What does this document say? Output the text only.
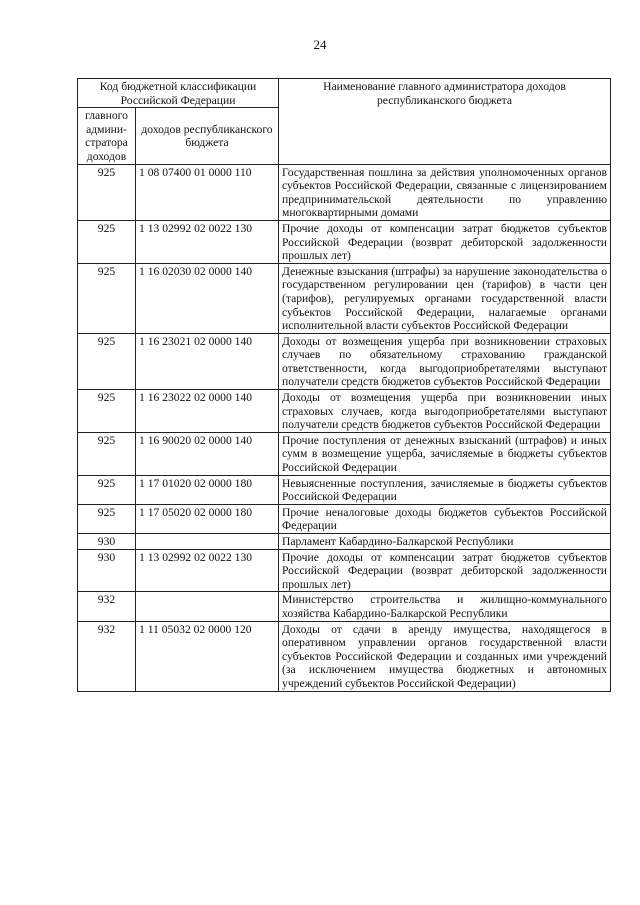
24
Код бюджетной классификации Российской Федерации		Наименование главного администратора доходов республиканского бюджета
главного админи-стратора доходов	доходов республиканского бюджета	
925	1 08 07400 01 0000 110	Государственная пошлина за действия уполномоченных органов субъектов Российской Федерации, связанные с лицензированием предпринимательской деятельности по управлению многоквартирными домами
925	1 13 02992 02 0022 130	Прочие доходы от компенсации затрат бюджетов субъектов Российской Федерации (возврат дебиторской задолженности прошлых лет)
925	1 16 02030 02 0000 140	Денежные взыскания (штрафы) за нарушение законодательства о государственном регулировании цен (тарифов) в части цен (тарифов), регулируемых органами государственной власти субъектов Российской Федерации, налагаемые органами исполнительной власти субъектов Российской Федерации
925	1 16 23021 02 0000 140	Доходы от возмещения ущерба при возникновении страховых случаев по обязательному страхованию гражданской ответственности, когда выгодоприобретателями выступают получатели средств бюджетов субъектов Российской Федерации
925	1 16 23022 02 0000 140	Доходы от возмещения ущерба при возникновении иных страховых случаев, когда выгодоприобретателями выступают получатели средств бюджетов субъектов Российской Федерации
925	1 16 90020 02 0000 140	Прочие поступления от денежных взысканий (штрафов) и иных сумм в возмещение ущерба, зачисляемые в бюджеты субъектов Российской Федерации
925	1 17 01020 02 0000 180	Невыясненные поступления, зачисляемые в бюджеты субъектов Российской Федерации
925	1 17 05020 02 0000 180	Прочие неналоговые доходы бюджетов субъектов Российской Федерации
930		Парламент Кабардино-Балкарской Республики
930	1 13 02992 02 0022 130	Прочие доходы от компенсации затрат бюджетов субъектов Российской Федерации (возврат дебиторской задолженности прошлых лет)
932		Министерство строительства и жилищно-коммунального хозяйства Кабардино-Балкарской Республики
932	1 11 05032 02 0000 120	Доходы от сдачи в аренду имущества, находящегося в оперативном управлении органов государственной власти субъектов Российской Федерации и созданных ими учреждений (за исключением имущества бюджетных и автономных учреждений субъектов Российской Федерации)
